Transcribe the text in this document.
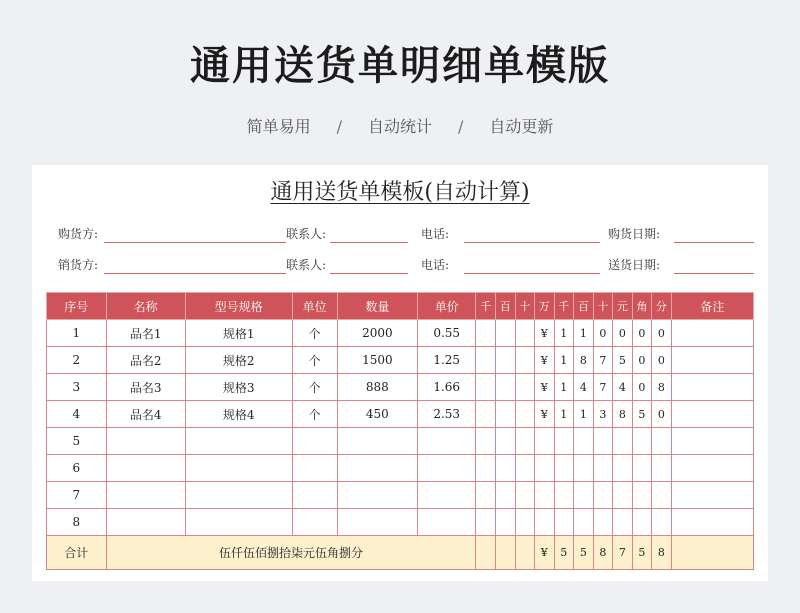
通用送货单明细单模版
简单易用 / 自动统计 / 自动更新
通用送货单模板(自动计算)
购货方:	联系人:	电话:	购货日期:
销货方:	联系人:	电话:	送货日期:
序号	名称	型号规格	单位	数量	单价	千	百	十	万	千	百	十	元	角	分	备注
1	品名1	规格1	个	2000	0.55				¥	1	1	0	0	0	0	
2	品名2	规格2	个	1500	1.25				¥	1	8	7	5	0	0	
3	品名3	规格3	个	888	1.66				¥	1	4	7	4	0	8	
4	品名4	规格4	个	450	2.53				¥	1	1	3	8	5	0	
5																
6																
7																
8																
合计	伍仟伍佰捌拾柒元伍角捌分								¥	5	5	8	7	5	8	
